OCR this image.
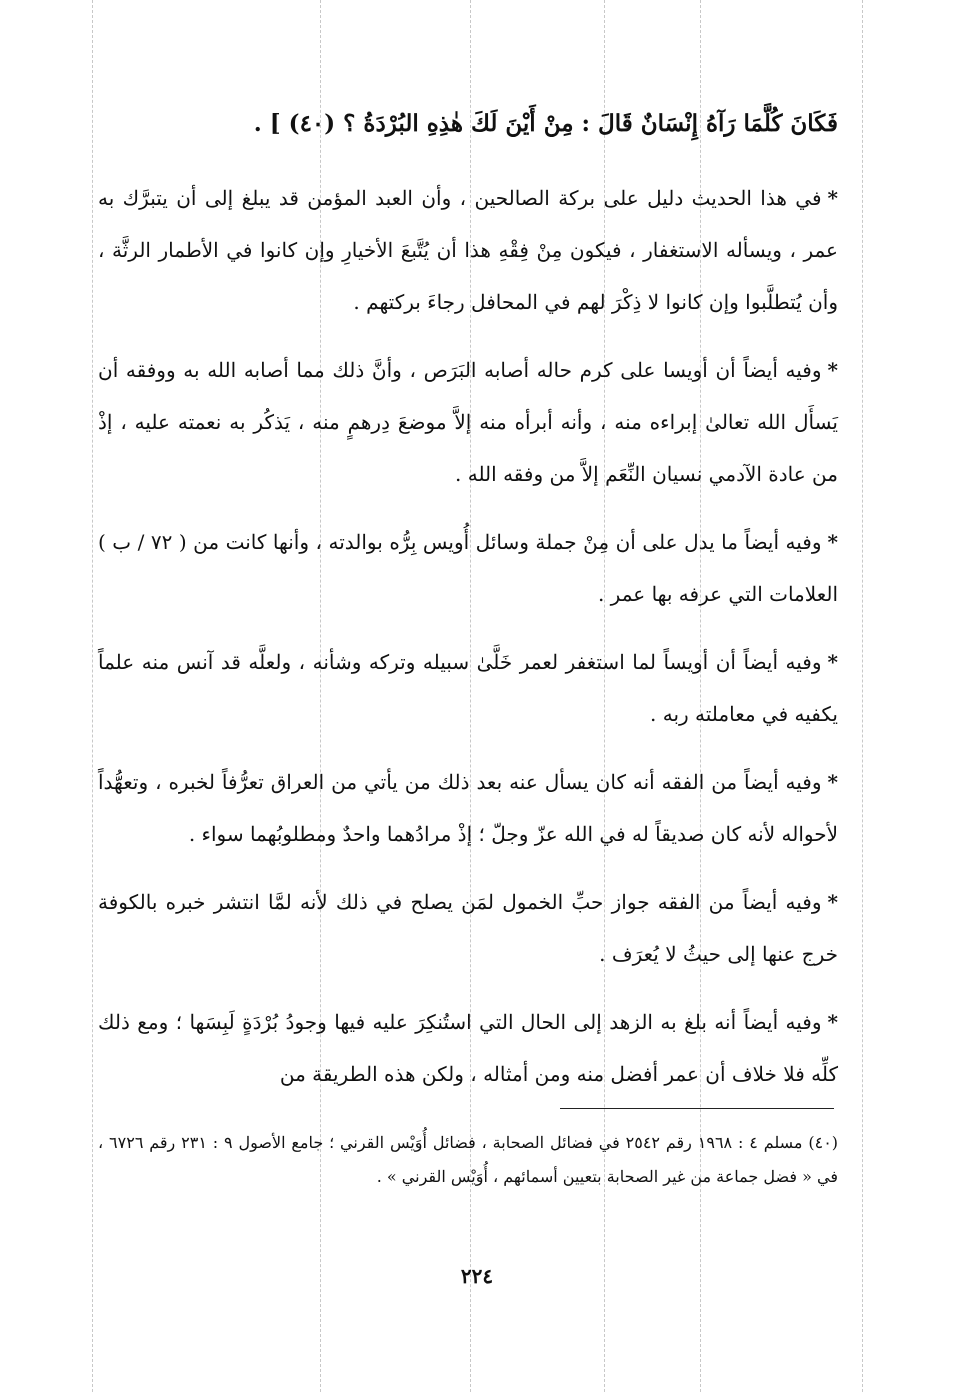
فَكَانَ كُلَّمَا رَآهُ إِنْسَانٌ قَالَ : مِنْ أَيْنَ لَكَ هٰذِهِ البُرْدَةُ ؟ (٤٠) ] .

*في هذا الحديث دليل على بركة الصالحين ، وأن العبد المؤمن قد يبلغ إلى أن يتبرَّك به عمر ، ويسأله الاستغفار ، فيكون مِنْ فِقْهِ هذا أن يُتَّبعَ الأخيارِ وإن كانوا في الأطمار الرثَّة ، وأن يُتطلَّبوا وإن كانوا لا ذِكْرَ لهم في المحافل رجاءَ بركتهم .

*وفيه أيضاً أن أويسا على كرم حاله أصابه البَرَص ، وأنَّ ذلك مما أصابه الله به ووفقه أن يَسأَل الله تعالىٰ إبراءه منه ، وأنه أبرأه منه إلاَّ موضعَ دِرهمٍ منه ، يَذكُر به نعمته عليه ، إذْ من عادة الآدمي نسيان النِّعَم إلاَّ من وفقه الله .

*وفيه أيضاً ما يدل على أن مِنْ جملة وسائل أُويس بِرُّه بوالدته ، وأنها كانت من ( ٧٢ / ب ) العلامات التي عرفه بها عمر .

*وفيه أيضاً أن أويساً لما استغفر لعمر خَلَّىٰ سبيله وتركه وشأنه ، ولعلَّه قد آنس منه علماً يكفيه في معاملته ربه .

*وفيه أيضاً من الفقه أنه كان يسأل عنه بعد ذلك من يأتي من العراق تعرُّفاً لخبره ، وتعهُّداً لأحواله لأنه كان صديقاً له في الله عزّ وجلّ ؛ إذْ مرادُهما واحدٌ ومطلوبُهما سواء .

*وفيه أيضاً من الفقه جواز حبِّ الخمول لمَن يصلح في ذلك لأنه لمَّا انتشر خبره بالكوفة خرج عنها إلى حيثُ لا يُعرَف .

*وفيه أيضاً أنه بلغ به الزهد إلى الحال التي استُنكِرَ عليه فيها وجودُ بُرْدَةٍ لَبِسَها ؛ ومع ذلك كلِّه فلا خلاف أن عمر أفضل منه ومن أمثاله ، ولكن هذه الطريقة من

(٤٠) مسلم ٤ : ١٩٦٨ رقم ٢٥٤٢ في فضائل الصحابة ، فضائل أُوَيْس القرني ؛ جامع الأصول ٩ : ٢٣١ رقم ٦٧٢٦ ، في « فضل جماعة من غير الصحابة بتعيين أسمائهم ، أُوَيْس القرني » .
٢٢٤
